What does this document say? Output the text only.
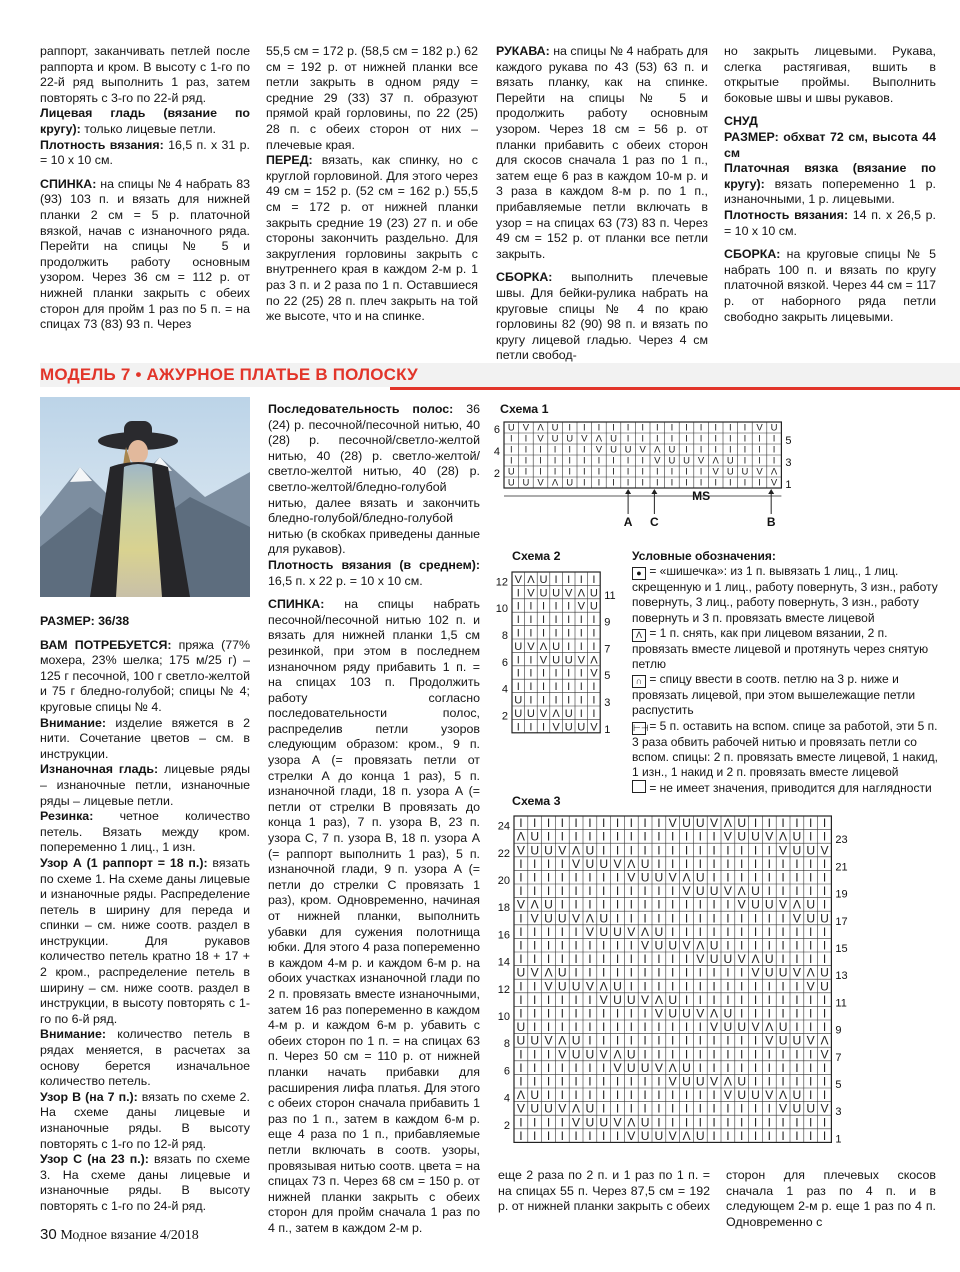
раппорт, заканчивать петлей после раппорта и кром. В высоту с 1-го по 22-й ряд выполнить 1 раз, затем повторять с 3-го по 22-й ряд.

Лицевая гладь (вязание по кругу): только лицевые петли.

Плотность вязания: 16,5 п. х 31 р. = 10 х 10 см.

СПИНКА: на спицы № 4 набрать 83 (93) 103 п. и вязать для нижней планки 2 см = 5 р. платочной вязкой, начав с изнаночного ряда. Перейти на спицы № 5 и продолжить работу основным узором. Через 36 см = 112 р. от нижней планки закрыть с обеих сторон для пройм 1 раз по 5 п. = на спицах 73 (83) 93 п. Через

55,5 см = 172 р. (58,5 см = 182 р.) 62 см = 192 р. от нижней планки все петли закрыть в одном ряду = средние 29 (33) 37 п. образуют прямой край горловины, по 22 (25) 28 п. с обеих сторон от них – плечевые края.

ПЕРЕД: вязать, как спинку, но с круглой горловиной. Для этого через 49 см = 152 р. (52 см = 162 р.) 55,5 см = 172 р. от нижней планки закрыть средние 19 (23) 27 п. и обе стороны закончить раздельно. Для закругления горловины закрыть с внутреннего края в каждом 2-м р. 1 раз 3 п. и 2 раза по 1 п. Оставшиеся по 22 (25) 28 п. плеч закрыть на той же высоте, что и на спинке.

РУКАВА: на спицы № 4 набрать для каждого рукава по 43 (53) 63 п. и вязать планку, как на спинке. Перейти на спицы № 5 и продолжить работу основным узором. Через 18 см = 56 р. от планки прибавить с обеих сторон для скосов сначала 1 раз по 1 п., затем еще 6 раз в каждом 10-м р. и 3 раза в каждом 8-м р. по 1 п., прибавляемые петли включать в узор = на спицах 63 (73) 83 п. Через 49 см = 152 р. от планки все петли закрыть.

СБОРКА: выполнить плечевые швы. Для бейки-рулика набрать на круговые спицы № 4 по краю горловины 82 (90) 98 п. и вязать по кругу лицевой гладью. Через 4 см петли свобод-

но закрыть лицевыми. Рукава, слегка растягивая, вшить в открытые проймы. Выполнить боковые швы и швы рукавов.

СНУД

РАЗМЕР: обхват 72 см, высота 44 см

Платочная вязка (вязание по кругу): вязать попеременно 1 р. изнаночными, 1 р. лицевыми.

Плотность вязания: 14 п. х 26,5 р. = 10 х 10 см.

СБОРКА: на круговые спицы № 5 набрать 100 п. и вязать по кругу платочной вязкой. Через 44 см = 117 р. от наборного ряда петли свободно закрыть лицевыми.

МОДЕЛЬ 7 • АЖУРНОЕ ПЛАТЬЕ В ПОЛОСКУ

РАЗМЕР: 36/38

ВАМ ПОТРЕБУЕТСЯ: пряжа (77% мохера, 23% шелка; 175 м/25 г) – 125 г песочной, 100 г светло-желтой и 75 г бледно-голубой; спицы № 4; круговые спицы № 4.

Внимание: изделие вяжется в 2 нити. Сочетание цветов – см. в инструкции.

Изнаночная гладь: лицевые ряды – изнаночные петли, изнаночные ряды – лицевые петли.

Резинка: четное количество петель. Вязать между кром. попеременно 1 лиц., 1 изн.

Узор А (1 раппорт = 18 п.): вязать по схеме 1. На схеме даны лицевые и изнаночные ряды. Распределение петель в ширину для переда и спинки – см. ниже соотв. раздел в инструкции. Для рукавов количество петель кратно 18 + 17 + 2 кром., распределение петель в ширину – см. ниже соотв. раздел в инструкции, в высоту повторять с 1-го по 6-й ряд.

Внимание: количество петель в рядах меняется, в расчетах за основу берется изначальное количество петель.

Узор В (на 7 п.): вязать по схеме 2. На схеме даны лицевые и изнаночные ряды. В высоту повторять с 1-го по 12-й ряд.

Узор С (на 23 п.): вязать по схеме 3. На схеме даны лицевые и изнаночные ряды. В высоту повторять с 1-го по 24-й ряд.

Последовательность полос: 36 (24) р. песочной/песочной нитью, 40 (28) р. песочной/светло-желтой нитью, 40 (28) р. светло-желтой/светло-желтой нитью, 40 (28) р. светло-желтой/бледно-голубой нитью, далее вязать и закончить бледно-голубой/бледно-голубой нитью (в скобках приведены данные для рукавов).

Плотность вязания (в среднем): 16,5 п. х 22 р. = 10 х 10 см.

СПИНКА: на спицы набрать песочной/песочной нитью 102 п. и вязать для нижней планки 1,5 см резинкой, при этом в последнем изнаночном ряду прибавить 1 п. = на спицах 103 п. Продолжить работу согласно последовательности полос, распределив петли узоров следующим образом: кром., 9 п. узора А (= провязать петли от стрелки А до конца 1 раз), 5 п. изнаночной глади, 18 п. узора А (= петли от стрелки В провязать до конца 1 раз), 7 п. узора В, 23 п. узора С, 7 п. узора В, 18 п. узора А (= раппорт выполнить 1 раз), 5 п. изнаночной глади, 9 п. узора А (= петли до стрелки С провязать 1 раз), кром. Одновременно, начиная от нижней планки, выполнить убавки для сужения полотнища юбки. Для этого 4 раза попеременно в каждом 4-м р. и каждом 6-м р. на обоих участках изнаночной глади по 2 п. провязать вместе изнаночными, затем 16 раз попеременно в каждом 4-м р. и каждом 6-м р. убавить с обеих сторон по 1 п. = на спицах 63 п. Через 50 см = 110 р. от нижней планки начать прибавки для расширения лифа платья. Для этого с обеих сторон сначала прибавить 1 раз по 1 п., затем в каждом 6-м р. еще 4 раза по 1 п., прибавляемые петли включать в соотв. узоры, провязывая нитью соотв. цвета = на спицах 73 п. Через 68 см = 150 р. от нижней планки закрыть с обеих сторон для пройм сначала 1 раз по 4 п., затем в каждом 2-м р.

еще 2 раза по 2 п. и 1 раз по 1 п. = на спицах 55 п. Через 87,5 см = 192 р. от нижней планки закрыть с обеих
сторон для плечевых скосов сначала 1 раз по 4 п. и в следующем 2-м р. еще 1 раз по 4 п. Одновременно с
Схема 1
U V Λ U I I I I I I I I I I I I I V U
I I V U U V Λ U I I I I I I I I I I I
I I I I I I V U U V Λ U I I I I I I I
I I I I I I I I I I V U U V Λ U I I I
U I I I I I I I I I I I I I V U U V Λ
U U V Λ U I I I I I I I I I I I I I V
6
4
2
5
3
1
А С
MS
В
Схема 2
V Λ U I I I I
I V U U V Λ U
I I I I I V U
I I I I I I I
I I I I I I I
U V Λ U I I I
I I V U U V Λ
I I I I I I V
I I I I I I I
U I I I I I I
U U V Λ U I I
I I I V U U V
12
10
8
6
4
2
11
9
7
5
3
1

Условные обозначения:

● = «шишечка»: из 1 п. вывязать 1 лиц., 1 лиц. скрещенную и 1 лиц., работу повернуть, 3 изн., работу повернуть, 3 лиц., работу повернуть, 3 изн., работу повернуть и 3 п. провязать вместе лицевой

Λ = 1 п. снять, как при лицевом вязании, 2 п. провязать вместе лицевой и протянуть через снятую петлю

∩ = спицу ввести в соотв. петлю на 3 р. ниже и провязать лицевой, при этом вышележащие петли распустить

⊢⊣ = 5 п. оставить на вспом. спице за работой, эти 5 п. 3 раза обвить рабочей нитью и провязать петли со вспом. спицы: 2 п. провязать вместе лицевой, 1 накид, 1 изн., 1 накид и 2 п. провязать вместе лицевой

= не имеет значения, приводится для наглядности

Схема 3
I I I I I I I I I I I V U U V Λ U I I I I I I
Λ U I I I I I I I I I I I I I V U U V Λ U I I
V U U V Λ U I I I I I I I I I I I I I V U U V
I I I I V U U V Λ U I I I I I I I I I I I I I
I I I I I I I I V U U V Λ U I I I I I I I I I
I I I I I I I I I I I I V U U V Λ U I I I I I
V Λ U I I I I I I I I I I I I I V U U V Λ U I
I V U U V Λ U I I I I I I I I I I I I I V U U
I I I I I V U U V Λ U I I I I I I I I I I I I
I I I I I I I I I V U U V Λ U I I I I I I I I
I I I I I I I I I I I I I V U U V Λ U I I I I
U V Λ U I I I I I I I I I I I I I V U U V Λ U
I I V U U V Λ U I I I I I I I I I I I I I V U
I I I I I I V U U V Λ U I I I I I I I I I I I
I I I I I I I I I I V U U V Λ U I I I I I I I
U I I I I I I I I I I I I I V U U V Λ U I I I
U U V Λ U I I I I I I I I I I I I I V U U V Λ
I I I V U U V Λ U I I I I I I I I I I I I I V
I I I I I I I V U U V Λ U I I I I I I I I I I
I I I I I I I I I I I V U U V Λ U I I I I I I
Λ U I I I I I I I I I I I I I V U U V Λ U I I
V U U V Λ U I I I I I I I I I I I I I V U U V
I I I I V U U V Λ U I I I I I I I I I I I I I
I I I I I I I I V U U V Λ U I I I I I I I I I
24
22
20
18
16
14
12
10
8
6
4
2
23
21
19
17
15
13
11
9
7
5
3
1
30 Модное вязание 4/2018
